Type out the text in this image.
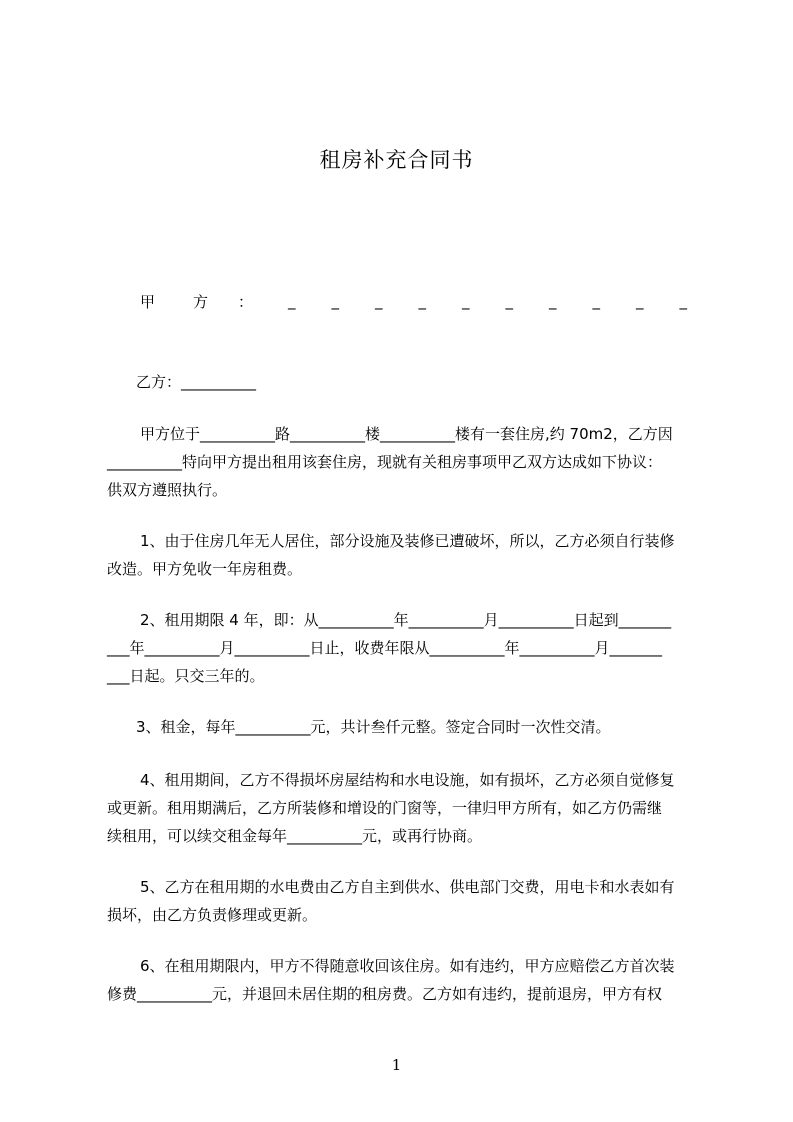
租房补充合同书
甲	方 ： _ _ _ _ _ _ _ _ _ _
乙方：__________
甲方位于__________路__________楼__________楼有一套住房,约 70m2，乙方因
__________特向甲方提出租用该套住房，现就有关租房事项甲乙双方达成如下协议：
供双方遵照执行。
1、由于住房几年无人居住，部分设施及装修已遭破坏，所以，乙方必须自行装修
改造。甲方免收一年房租费。
2、租用期限 4 年，即：从__________年__________月__________日起到_______
___年__________月__________日止，收费年限从__________年__________月_______
___日起。只交三年的。
3、租金，每年__________元，共计叁仟元整。签定合同时一次性交清。
4、租用期间，乙方不得损坏房屋结构和水电设施，如有损坏，乙方必须自觉修复
或更新。租用期满后，乙方所装修和增设的门窗等，一律归甲方所有，如乙方仍需继
续租用，可以续交租金每年__________元，或再行协商。
5、乙方在租用期的水电费由乙方自主到供水、供电部门交费，用电卡和水表如有
损坏，由乙方负责修理或更新。
6、在租用期限内，甲方不得随意收回该住房。如有违约，甲方应赔偿乙方首次装
修费__________元，并退回未居住期的租房费。乙方如有违约，提前退房，甲方有权
1
